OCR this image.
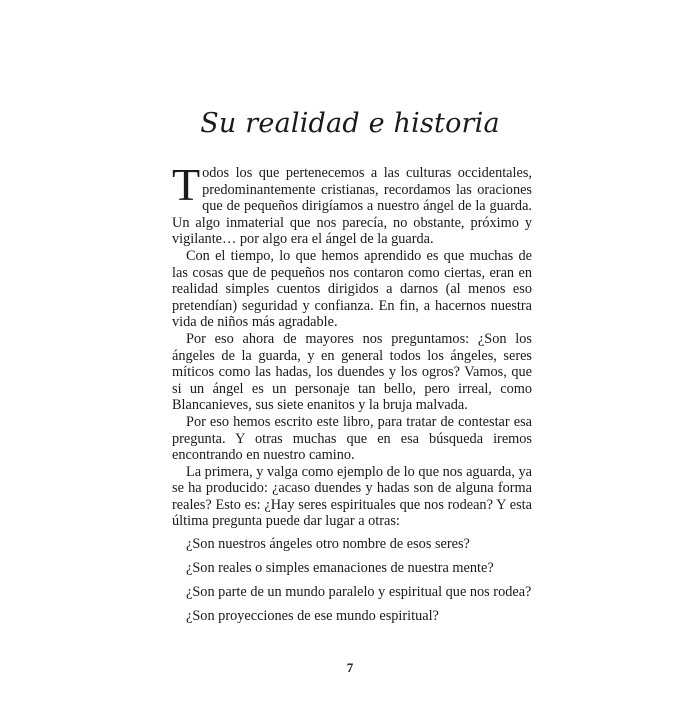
Su realidad e historia

Todos los que pertenecemos a las culturas occidentales, predominantemente cristianas, recordamos las oraciones que de pequeños dirigíamos a nuestro ángel de la guarda. Un algo inmaterial que nos parecía, no obstante, próximo y vigilante… por algo era el ángel de la guarda.

Con el tiempo, lo que hemos aprendido es que muchas de las cosas que de pequeños nos contaron como ciertas, eran en realidad simples cuentos dirigidos a darnos (al menos eso pretendían) seguridad y confianza. En fin, a hacernos nuestra vida de niños más agradable.

Por eso ahora de mayores nos preguntamos: ¿Son los ángeles de la guarda, y en general todos los ángeles, seres míticos como las hadas, los duendes y los ogros? Vamos, que si un ángel es un personaje tan bello, pero irreal, como Blancanieves, sus siete enanitos y la bruja malvada.

Por eso hemos escrito este libro, para tratar de contestar esa pregunta. Y otras muchas que en esa búsqueda iremos encontrando en nuestro camino.

La primera, y valga como ejemplo de lo que nos aguarda, ya se ha producido: ¿acaso duendes y hadas son de alguna forma reales? Esto es: ¿Hay seres espirituales que nos rodean? Y esta última pregunta puede dar lugar a otras:

¿Son nuestros ángeles otro nombre de esos seres?
¿Son reales o simples emanaciones de nuestra mente?
¿Son parte de un mundo paralelo y espiritual que nos rodea?
¿Son proyecciones de ese mundo espiritual?
7
